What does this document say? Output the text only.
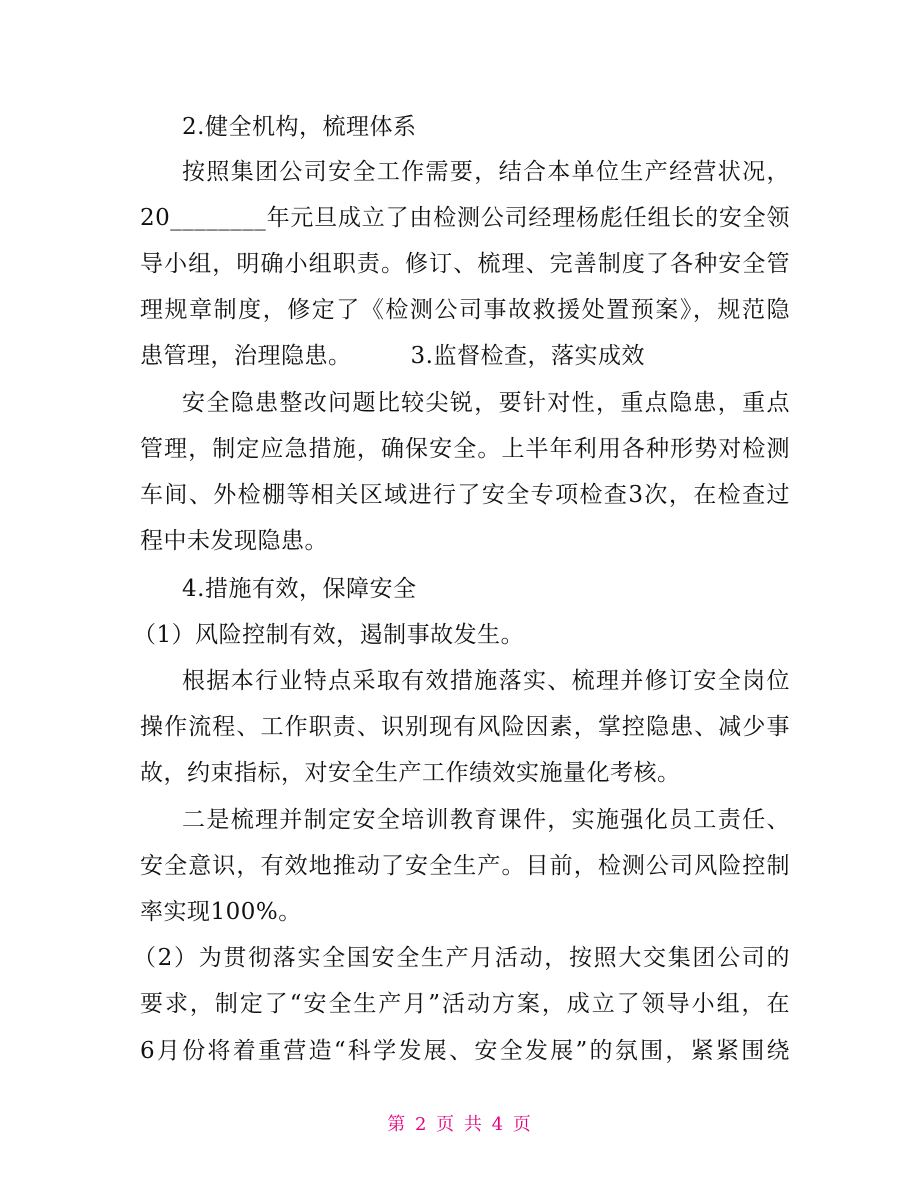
2.健全机构，梳理体系
按照集团公司安全工作需要，结合本单位生产经营状况，
20________年元旦成立了由检测公司经理杨彪任组长的安全领
导小组，明确小组职责。修订、梳理、完善制度了各种安全管
理规章制度，修定了《检测公司事故救援处置预案》，规范隐
患管理，治理隐患。　　　3.监督检查，落实成效
安全隐患整改问题比较尖锐，要针对性，重点隐患，重点
管理，制定应急措施，确保安全。上半年利用各种形势对检测
车间、外检棚等相关区域进行了安全专项检查3次，在检查过
程中未发现隐患。
4.措施有效，保障安全
（1）风险控制有效，遏制事故发生。
根据本行业特点采取有效措施落实、梳理并修订安全岗位
操作流程、工作职责、识别现有风险因素，掌控隐患、减少事
故，约束指标，对安全生产工作绩效实施量化考核。
二是梳理并制定安全培训教育课件，实施强化员工责任、
安全意识，有效地推动了安全生产。目前，检测公司风险控制
率实现100%。
（2）为贯彻落实全国安全生产月活动，按照大交集团公司的
要求，制定了“安全生产月”活动方案，成立了领导小组，在
6月份将着重营造“科学发展、安全发展”的氛围，紧紧围绕
第 2 页 共 4 页
